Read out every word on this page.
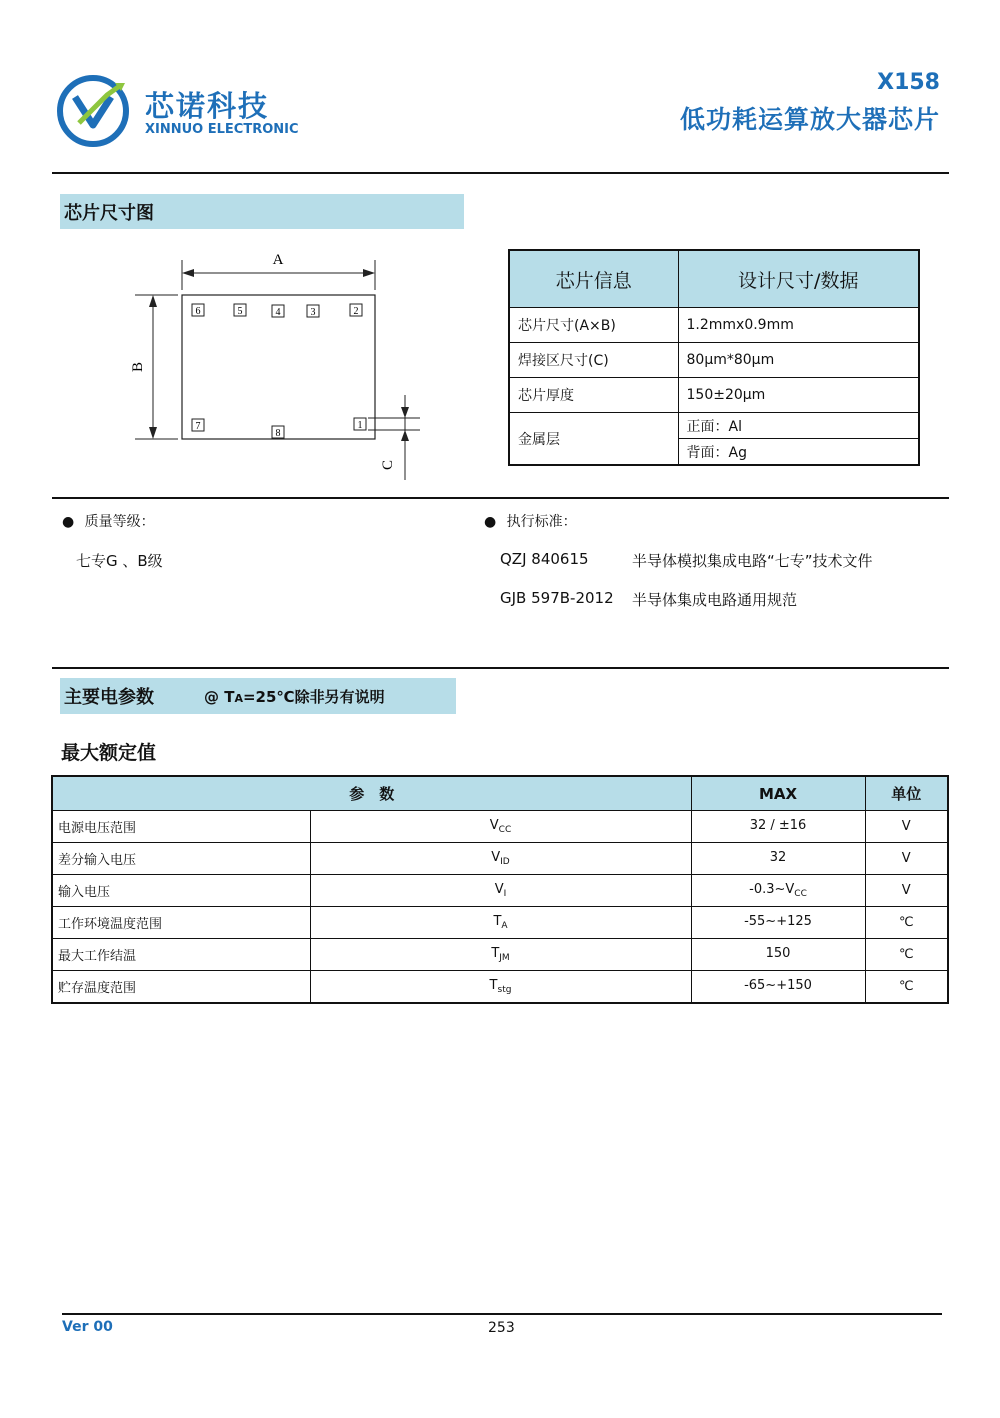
芯诺科技
XINNUO ELECTRONIC
X158
低功耗运算放大器芯片
芯片尺寸图
A
B
6	5	4	3	2
7
8
1
C
芯片信息	设计尺寸/数据
芯片尺寸(A×B)	1.2mmx0.9mm
焊接区尺寸(C)	80μm*80μm
芯片厚度	150±20μm
金属层	正面：Al
	背面：Ag
● 质量等级：
七专G 、B级
● 执行标准：
QZJ 840615	半导体模拟集成电路“七专”技术文件
GJB 597B-2012 半导体集成电路通用规范
主要电参数	@ TA=25℃除非另有说明
最大额定值
参　数		MAX	单位
电源电压范围	$V_{CC}$	32 / ±16	V
差分输入电压	$V_{ID}$	32	V
输入电压	$V_I$	$-0.3\sim V_{CC}$	V
工作环境温度范围	$T_A$	-55~+125	℃
最大工作结温	$T_{JM}$	150	℃
贮存温度范围	$T_{stg}$	-65~+150	℃
Ver 00	253
